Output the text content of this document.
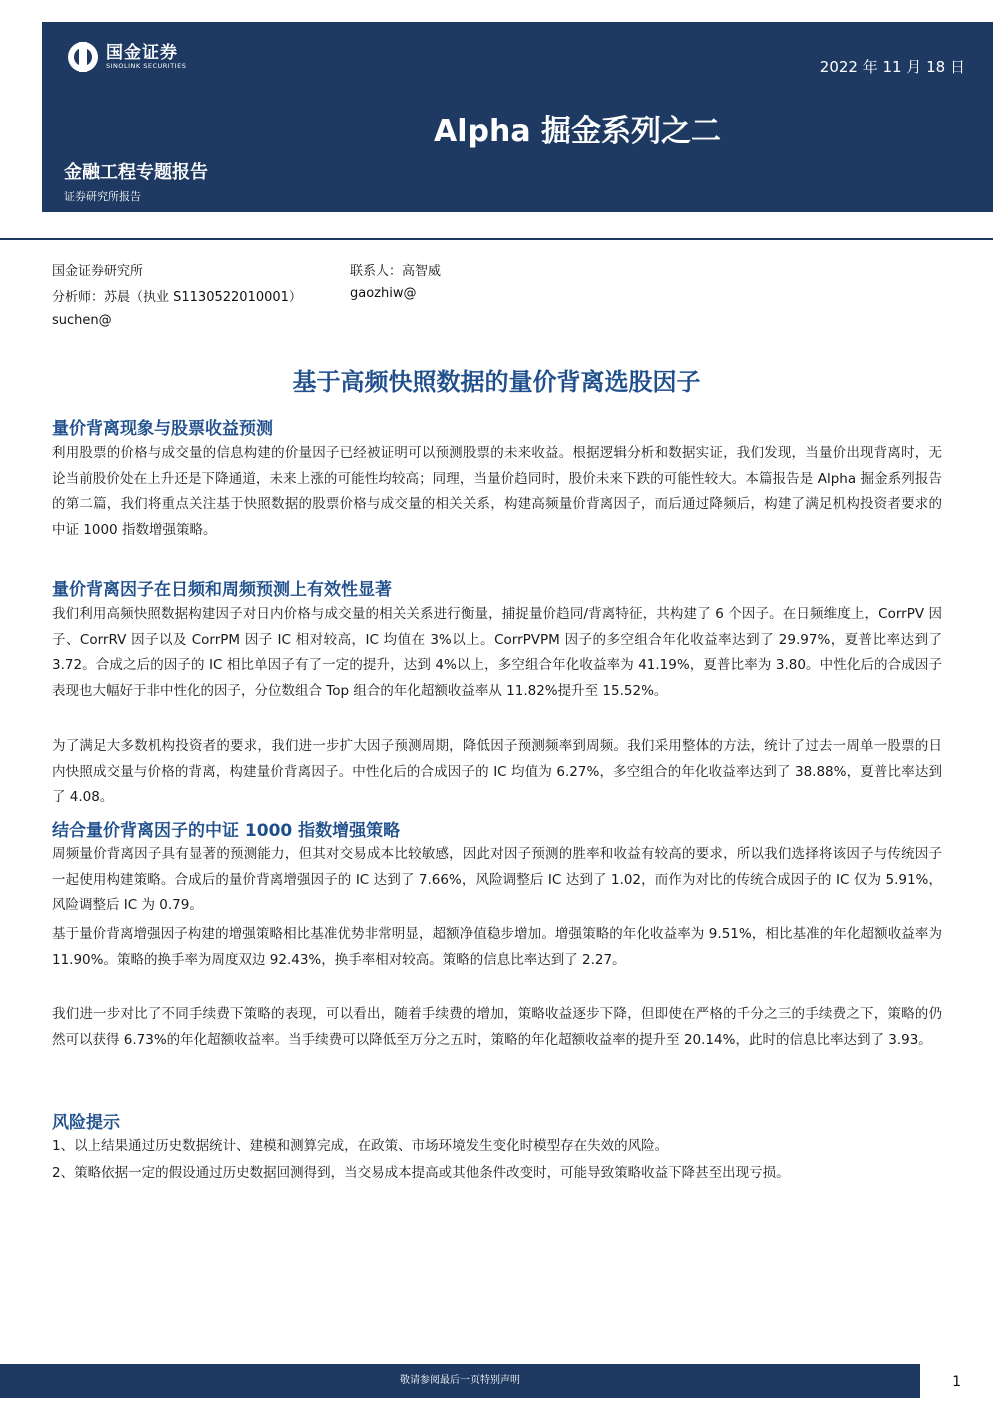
国金证券
SINOLINK SECURITIES	2022 年 11 月 18 日
Alpha 掘金系列之二
金融工程专题报告
证券研究所报告
国金证券研究所
分析师：苏晨（执业 S1130522010001）
suchen@
联系人：高智威
gaozhiw@
基于高频快照数据的量价背离选股因子
量价背离现象与股票收益预测

利用股票的价格与成交量的信息构建的价量因子已经被证明可以预测股票的未来收益。根据逻辑分析和数据实证，我们发现，当量价出现背离时，无论当前股价处在上升还是下降通道，未来上涨的可能性均较高；同理，当量价趋同时，股价未来下跌的可能性较大。本篇报告是 Alpha 掘金系列报告的第二篇，我们将重点关注基于快照数据的股票价格与成交量的相关关系，构建高频量价背离因子，而后通过降频后，构建了满足机构投资者要求的中证 1000 指数增强策略。

量价背离因子在日频和周频预测上有效性显著

我们利用高频快照数据构建因子对日内价格与成交量的相关关系进行衡量，捕捉量价趋同/背离特征，共构建了 6 个因子。在日频维度上，CorrPV 因子、CorrRV 因子以及 CorrPM 因子 IC 相对较高，IC 均值在 3%以上。CorrPVPM 因子的多空组合年化收益率达到了 29.97%，夏普比率达到了 3.72。合成之后的因子的 IC 相比单因子有了一定的提升，达到 4%以上，多空组合年化收益率为 41.19%，夏普比率为 3.80。中性化后的合成因子表现也大幅好于非中性化的因子，分位数组合 Top 组合的年化超额收益率从 11.82%提升至 15.52%。

为了满足大多数机构投资者的要求，我们进一步扩大因子预测周期，降低因子预测频率到周频。我们采用整体的方法，统计了过去一周单一股票的日内快照成交量与价格的背离，构建量价背离因子。中性化后的合成因子的 IC 均值为 6.27%，多空组合的年化收益率达到了 38.88%，夏普比率达到了 4.08。

结合量价背离因子的中证 1000 指数增强策略

周频量价背离因子具有显著的预测能力，但其对交易成本比较敏感，因此对因子预测的胜率和收益有较高的要求，所以我们选择将该因子与传统因子一起使用构建策略。合成后的量价背离增强因子的 IC 达到了 7.66%，风险调整后 IC 达到了 1.02，而作为对比的传统合成因子的 IC 仅为 5.91%，风险调整后 IC 为 0.79。

基于量价背离增强因子构建的增强策略相比基准优势非常明显，超额净值稳步增加。增强策略的年化收益率为 9.51%，相比基准的年化超额收益率为 11.90%。策略的换手率为周度双边 92.43%，换手率相对较高。策略的信息比率达到了 2.27。

我们进一步对比了不同手续费下策略的表现，可以看出，随着手续费的增加，策略收益逐步下降，但即使在严格的千分之三的手续费之下，策略的仍然可以获得 6.73%的年化超额收益率。当手续费可以降低至万分之五时，策略的年化超额收益率的提升至 20.14%，此时的信息比率达到了 3.93。

风险提示

1、以上结果通过历史数据统计、建模和测算完成，在政策、市场环境发生变化时模型存在失效的风险。

2、策略依据一定的假设通过历史数据回测得到，当交易成本提高或其他条件改变时，可能导致策略收益下降甚至出现亏损。

敬请参阅最后一页特别声明	1
